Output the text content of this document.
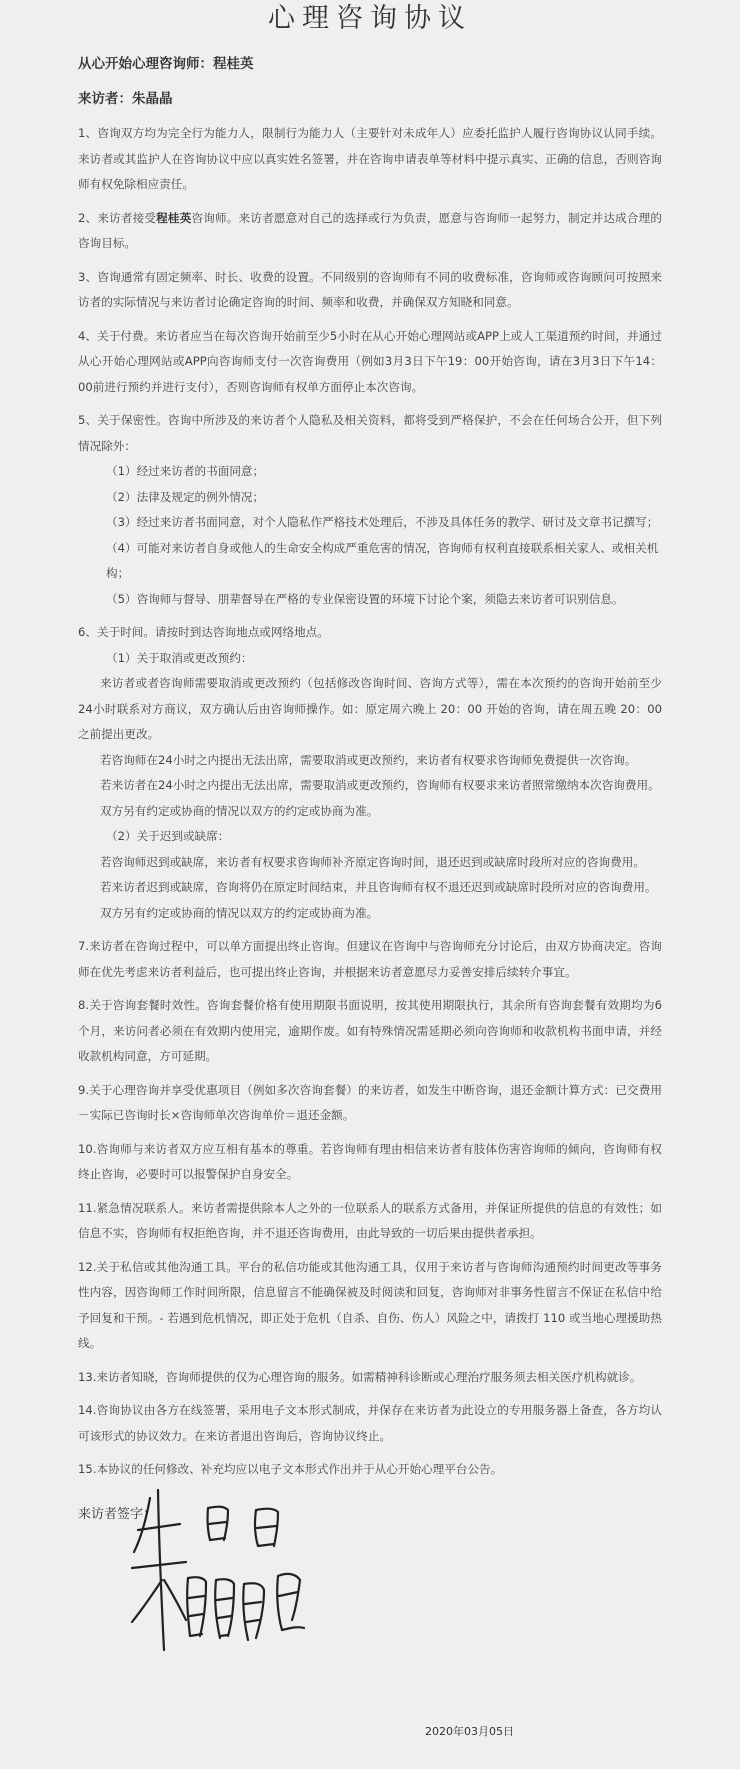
心理咨询协议

从心开始心理咨询师：程桂英

来访者：朱晶晶

1、咨询双方均为完全行为能力人，限制行为能力人（主要针对未成年人）应委托监护人履行咨询协议认同手续。来访者或其监护人在咨询协议中应以真实姓名签署，并在咨询申请表单等材料中提示真实、正确的信息，否则咨询师有权免除相应责任。

2、来访者接受程桂英咨询师。来访者愿意对自己的选择或行为负责，愿意与咨询师一起努力，制定并达成合理的咨询目标。

3、咨询通常有固定频率、时长、收费的设置。不同级别的咨询师有不同的收费标准，咨询师或咨询顾问可按照来访者的实际情况与来访者讨论确定咨询的时间、频率和收费，并确保双方知晓和同意。

4、关于付费。来访者应当在每次咨询开始前至少5小时在从心开始心理网站或APP上或人工渠道预约时间，并通过从心开始心理网站或APP向咨询师支付一次咨询费用（例如3月3日下午19：00开始咨询，请在3月3日下午14：00前进行预约并进行支付），否则咨询师有权单方面停止本次咨询。

5、关于保密性。咨询中所涉及的来访者个人隐私及相关资料，都将受到严格保护，不会在任何场合公开，但下列情况除外：

（1）经过来访者的书面同意；

（2）法律及规定的例外情况；

（3）经过来访者书面同意，对个人隐私作严格技术处理后，不涉及具体任务的教学、研讨及文章书记撰写；

（4）可能对来访者自身或他人的生命安全构成严重危害的情况，咨询师有权利直接联系相关家人、或相关机构；

（5）咨询师与督导、朋辈督导在严格的专业保密设置的环境下讨论个案，须隐去来访者可识别信息。

6、关于时间。请按时到达咨询地点或网络地点。

（1）关于取消或更改预约：

来访者或者咨询师需要取消或更改预约（包括修改咨询时间、咨询方式等），需在本次预约的咨询开始前至少24小时联系对方商议，双方确认后由咨询师操作。如：原定周六晚上 20：00 开始的咨询，请在周五晚 20：00 之前提出更改。

若咨询师在24小时之内提出无法出席，需要取消或更改预约，来访者有权要求咨询师免费提供一次咨询。

若来访者在24小时之内提出无法出席，需要取消或更改预约，咨询师有权要求来访者照常缴纳本次咨询费用。

双方另有约定或协商的情况以双方的约定或协商为准。

（2）关于迟到或缺席：

若咨询师迟到或缺席，来访者有权要求咨询师补齐原定咨询时间，退还迟到或缺席时段所对应的咨询费用。

若来访者迟到或缺席，咨询将仍在原定时间结束，并且咨询师有权不退还迟到或缺席时段所对应的咨询费用。

双方另有约定或协商的情况以双方的约定或协商为准。

7.来访者在咨询过程中，可以单方面提出终止咨询。但建议在咨询中与咨询师充分讨论后，由双方协商决定。咨询师在优先考虑来访者利益后，也可提出终止咨询，并根据来访者意愿尽力妥善安排后续转介事宜。

8.关于咨询套餐时效性。咨询套餐价格有使用期限书面说明，按其使用期限执行，其余所有咨询套餐有效期均为6个月，来访问者必须在有效期内使用完，逾期作废。如有特殊情况需延期必须向咨询师和收款机构书面申请，并经收款机构同意，方可延期。

9.关于心理咨询并享受优惠项目（例如多次咨询套餐）的来访者，如发生中断咨询，退还金额计算方式：已交费用－实际已咨询时长×咨询师单次咨询单价＝退还金额。

10.咨询师与来访者双方应互相有基本的尊重。若咨询师有理由相信来访者有肢体伤害咨询师的倾向，咨询师有权终止咨询，必要时可以报警保护自身安全。

11.紧急情况联系人。来访者需提供除本人之外的一位联系人的联系方式备用，并保证所提供的信息的有效性；如信息不实，咨询师有权拒绝咨询，并不退还咨询费用，由此导致的一切后果由提供者承担。

12.关于私信或其他沟通工具。平台的私信功能或其他沟通工具，仅用于来访者与咨询师沟通预约时间更改等事务性内容，因咨询师工作时间所限，信息留言不能确保被及时阅读和回复，咨询师对非事务性留言不保证在私信中给予回复和干预。- 若遇到危机情况，即正处于危机（自杀、自伤、伤人）风险之中，请拨打 110 或当地心理援助热线。

13.来访者知晓，咨询师提供的仅为心理咨询的服务。如需精神科诊断或心理治疗服务须去相关医疗机构就诊。

14.咨询协议由各方在线签署，采用电子文本形式制成，并保存在来访者为此设立的专用服务器上备查，各方均认可该形式的协议效力。在来访者退出咨询后，咨询协议终止。

15.本协议的任何修改、补充均应以电子文本形式作出并于从心开始心理平台公告。

来访者签字：

2020年03月05日
